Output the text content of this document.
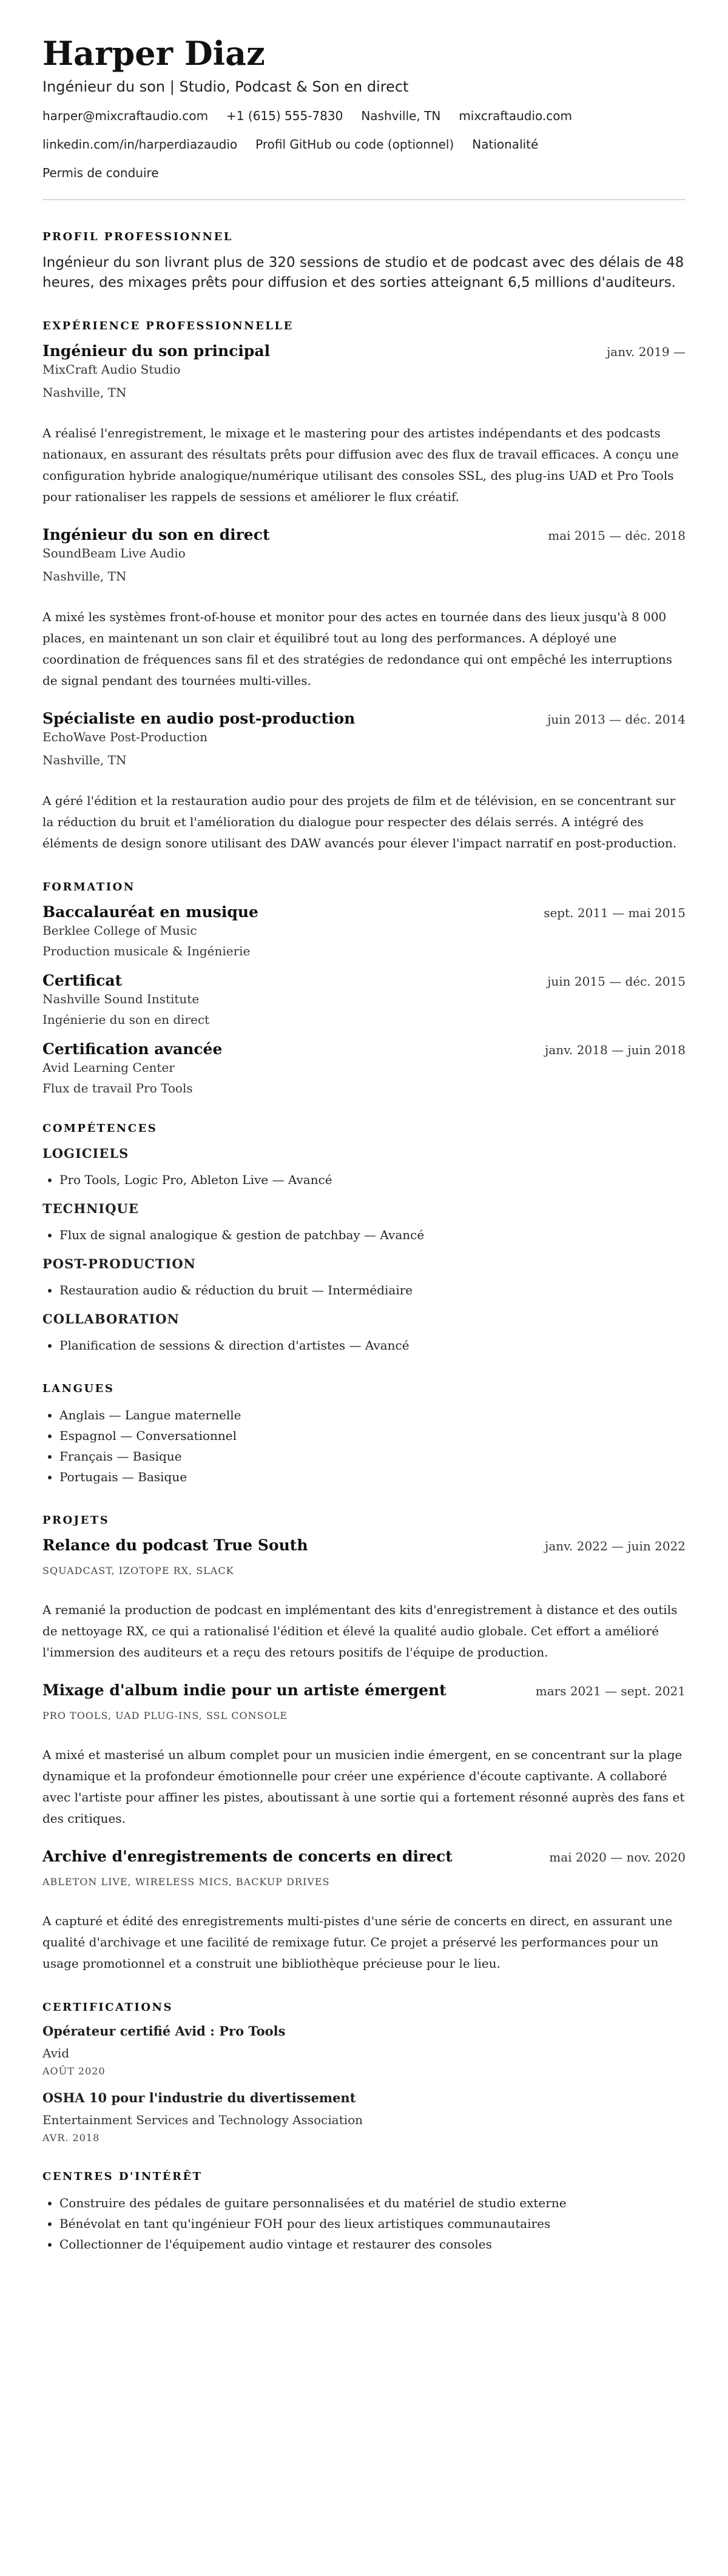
Harper Diaz
Ingénieur du son | Studio, Podcast & Son en direct
harper@mixcraftaudio.com +1 (615) 555-7830 Nashville, TN mixcraftaudio.com
linkedin.com/in/harperdiazaudio Profil GitHub ou code (optionnel) Nationalité
Permis de conduire
PROFIL PROFESSIONNEL

Ingénieur du son livrant plus de 320 sessions de studio et de podcast avec des délais de 48 heures, des mixages prêts pour diffusion et des sorties atteignant 6,5 millions d'auditeurs.

EXPÉRIENCE PROFESSIONNELLE
Ingénieur du son principal	janv. 2019 —
MixCraft Audio Studio
Nashville, TN
A réalisé l'enregistrement, le mixage et le mastering pour des artistes indépendants et des podcasts nationaux, en assurant des résultats prêts pour diffusion avec des flux de travail efficaces. A conçu une configuration hybride analogique/numérique utilisant des consoles SSL, des plug-ins UAD et Pro Tools pour rationaliser les rappels de sessions et améliorer le flux créatif.
Ingénieur du son en direct	mai 2015 — déc. 2018
SoundBeam Live Audio
Nashville, TN
A mixé les systèmes front-of-house et monitor pour des actes en tournée dans des lieux jusqu'à 8 000 places, en maintenant un son clair et équilibré tout au long des performances. A déployé une coordination de fréquences sans fil et des stratégies de redondance qui ont empêché les interruptions de signal pendant des tournées multi-villes.
Spécialiste en audio post-production	juin 2013 — déc. 2014
EchoWave Post-Production
Nashville, TN
A géré l'édition et la restauration audio pour des projets de film et de télévision, en se concentrant sur la réduction du bruit et l'amélioration du dialogue pour respecter des délais serrés. A intégré des éléments de design sonore utilisant des DAW avancés pour élever l'impact narratif en post-production.
FORMATION
Baccalauréat en musique	sept. 2011 — mai 2015
Berklee College of Music
Production musicale & Ingénierie
Certificat	juin 2015 — déc. 2015
Nashville Sound Institute
Ingénierie du son en direct
Certification avancée	janv. 2018 — juin 2018
Avid Learning Center
Flux de travail Pro Tools
COMPÉTENCES
LOGICIELS
• Pro Tools, Logic Pro, Ableton Live — Avancé
TECHNIQUE
• Flux de signal analogique & gestion de patchbay — Avancé
POST-PRODUCTION
• Restauration audio & réduction du bruit — Intermédiaire
COLLABORATION
• Planification de sessions & direction d'artistes — Avancé
LANGUES
• Anglais — Langue maternelle
• Espagnol — Conversationnel
• Français — Basique
• Portugais — Basique
PROJETS
Relance du podcast True South	janv. 2022 — juin 2022
SQUADCAST, IZOTOPE RX, SLACK
A remanié la production de podcast en implémentant des kits d'enregistrement à distance et des outils de nettoyage RX, ce qui a rationalisé l'édition et élevé la qualité audio globale. Cet effort a amélioré l'immersion des auditeurs et a reçu des retours positifs de l'équipe de production.
Mixage d'album indie pour un artiste émergent	mars 2021 — sept. 2021
PRO TOOLS, UAD PLUG-INS, SSL CONSOLE
A mixé et masterisé un album complet pour un musicien indie émergent, en se concentrant sur la plage dynamique et la profondeur émotionnelle pour créer une expérience d'écoute captivante. A collaboré avec l'artiste pour affiner les pistes, aboutissant à une sortie qui a fortement résonné auprès des fans et des critiques.
Archive d'enregistrements de concerts en direct	mai 2020 — nov. 2020
ABLETON LIVE, WIRELESS MICS, BACKUP DRIVES
A capturé et édité des enregistrements multi-pistes d'une série de concerts en direct, en assurant une qualité d'archivage et une facilité de remixage futur. Ce projet a préservé les performances pour un usage promotionnel et a construit une bibliothèque précieuse pour le lieu.
CERTIFICATIONS
Opérateur certifié Avid : Pro Tools
Avid
AOÛT 2020
OSHA 10 pour l'industrie du divertissement
Entertainment Services and Technology Association
AVR. 2018
CENTRES D'INTÉRÊT
• Construire des pédales de guitare personnalisées et du matériel de studio externe
• Bénévolat en tant qu'ingénieur FOH pour des lieux artistiques communautaires
• Collectionner de l'équipement audio vintage et restaurer des consoles
